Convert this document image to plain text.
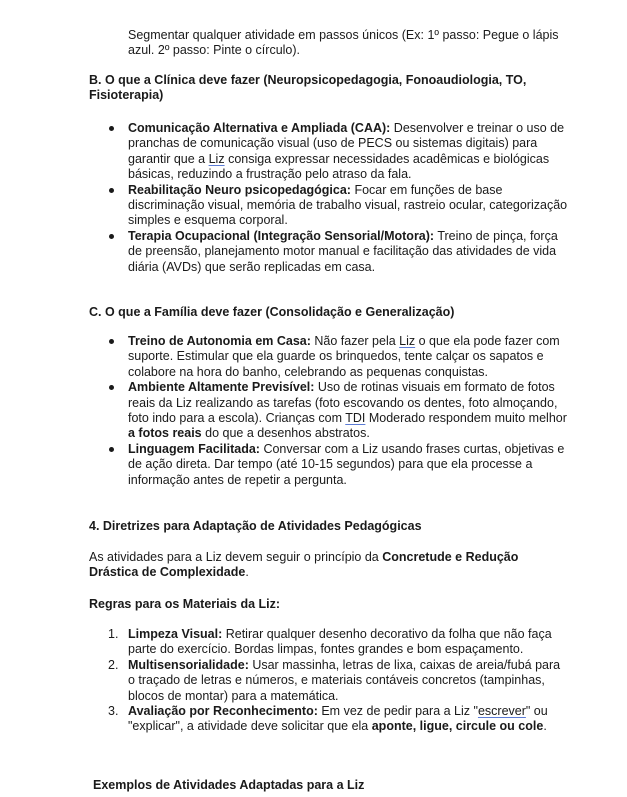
Segmentar qualquer atividade em passos únicos (Ex: 1º passo: Pegue o lápis azul. 2º passo: Pinte o círculo).

B. O que a Clínica deve fazer (Neuropsicopedagogia, Fonoaudiologia, TO, Fisioterapia)
Comunicação Alternativa e Ampliada (CAA): Desenvolver e treinar o uso de pranchas de comunicação visual (uso de PECS ou sistemas digitais) para garantir que a Liz consiga expressar necessidades acadêmicas e biológicas básicas, reduzindo a frustração pelo atraso da fala.
Reabilitação Neuro psicopedagógica: Focar em funções de base discriminação visual, memória de trabalho visual, rastreio ocular, categorização simples e esquema corporal.
Terapia Ocupacional (Integração Sensorial/Motora): Treino de pinça, força de preensão, planejamento motor manual e facilitação das atividades de vida diária (AVDs) que serão replicadas em casa.
C. O que a Família deve fazer (Consolidação e Generalização)
Treino de Autonomia em Casa: Não fazer pela Liz o que ela pode fazer com suporte. Estimular que ela guarde os brinquedos, tente calçar os sapatos e colabore na hora do banho, celebrando as pequenas conquistas.
Ambiente Altamente Previsível: Uso de rotinas visuais em formato de fotos reais da Liz realizando as tarefas (foto escovando os dentes, foto almoçando, foto indo para a escola). Crianças com TDI Moderado respondem muito melhor a fotos reais do que a desenhos abstratos.
Linguagem Facilitada: Conversar com a Liz usando frases curtas, objetivas e de ação direta. Dar tempo (até 10-15 segundos) para que ela processe a informação antes de repetir a pergunta.
4. Diretrizes para Adaptação de Atividades Pedagógicas

As atividades para a Liz devem seguir o princípio da Concretude e Redução Drástica de Complexidade.

Regras para os Materiais da Liz:
1. Limpeza Visual: Retirar qualquer desenho decorativo da folha que não faça parte do exercício. Bordas limpas, fontes grandes e bom espaçamento.
2. Multisensorialidade: Usar massinha, letras de lixa, caixas de areia/fubá para o traçado de letras e números, e materiais contáveis concretos (tampinhas, blocos de montar) para a matemática.
3. Avaliação por Reconhecimento: Em vez de pedir para a Liz "escrever" ou "explicar", a atividade deve solicitar que ela aponte, ligue, circule ou cole.
Exemplos de Atividades Adaptadas para a Liz
